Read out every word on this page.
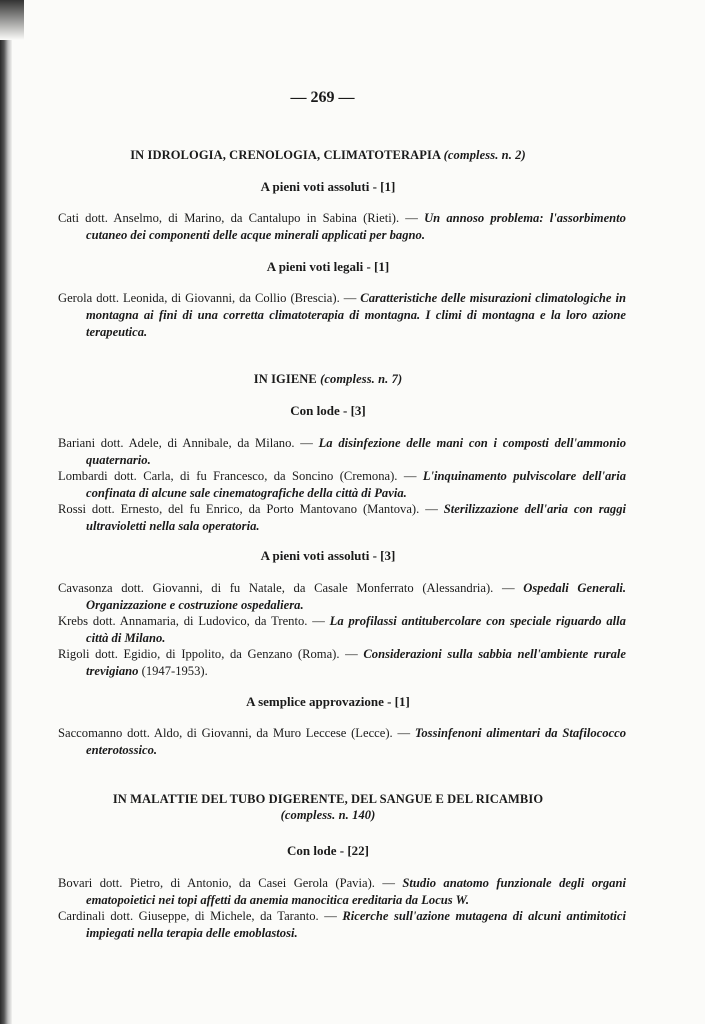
— 269 —
IN IDROLOGIA, CRENOLOGIA, CLIMATOTERAPIA (compless. n. 2)
A pieni voti assoluti - [1]

Cati dott. Anselmo, di Marino, da Cantalupo in Sabina (Rieti). — Un annoso problema: l'assorbimento cutaneo dei componenti delle acque minerali applicati per bagno.

A pieni voti legali - [1]

Gerola dott. Leonida, di Giovanni, da Collio (Brescia). — Caratteristiche delle misurazioni climatologiche in montagna ai fini di una corretta climatoterapia di montagna. I climi di montagna e la loro azione terapeutica.

IN IGIENE (compless. n. 7)
Con lode - [3]

Bariani dott. Adele, di Annibale, da Milano. — La disinfezione delle mani con i composti dell'ammonio quaternario.

Lombardi dott. Carla, di fu Francesco, da Soncino (Cremona). — L'inquinamento pulviscolare dell'aria confinata di alcune sale cinematografiche della città di Pavia.

Rossi dott. Ernesto, del fu Enrico, da Porto Mantovano (Mantova). — Sterilizzazione dell'aria con raggi ultravioletti nella sala operatoria.

A pieni voti assoluti - [3]

Cavasonza dott. Giovanni, di fu Natale, da Casale Monferrato (Alessandria). — Ospedali Generali. Organizzazione e costruzione ospedaliera.

Krebs dott. Annamaria, di Ludovico, da Trento. — La profilassi antitubercolare con speciale riguardo alla città di Milano.

Rigoli dott. Egidio, di Ippolito, da Genzano (Roma). — Considerazioni sulla sabbia nell'ambiente rurale trevigiano (1947-1953).

A semplice approvazione - [1]

Saccomanno dott. Aldo, di Giovanni, da Muro Leccese (Lecce). — Tossinfenoni alimentari da Stafilococco enterotossico.

IN MALATTIE DEL TUBO DIGERENTE, DEL SANGUE E DEL RICAMBIO
(compless. n. 140)
Con lode - [22]

Bovari dott. Pietro, di Antonio, da Casei Gerola (Pavia). — Studio anatomo funzionale degli organi ematopoietici nei topi affetti da anemia manocitica ereditaria da Locus W.

Cardinali dott. Giuseppe, di Michele, da Taranto. — Ricerche sull'azione mutagena di alcuni antimitotici impiegati nella terapia delle emoblastosi.
